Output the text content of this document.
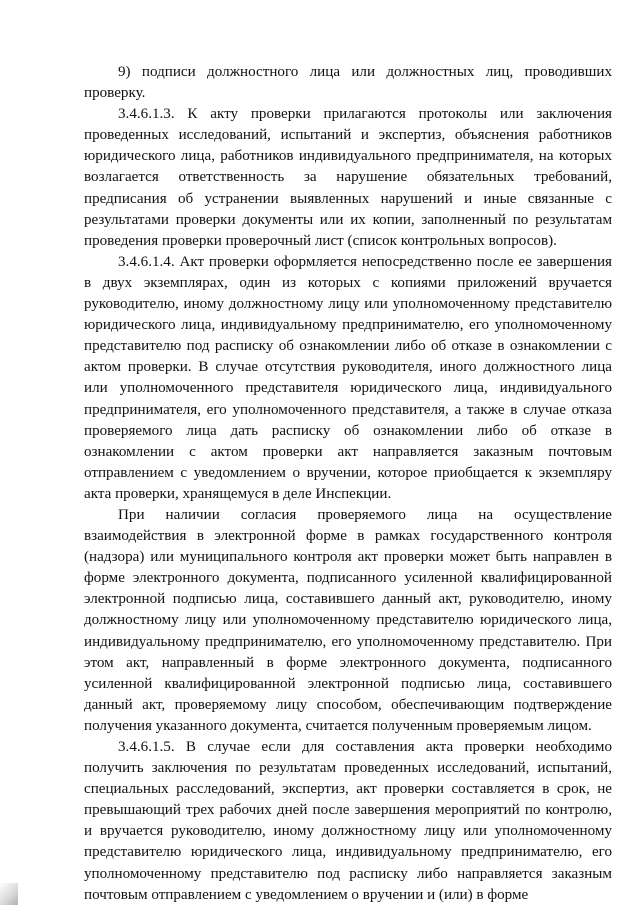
9) подписи должностного лица или должностных лиц, проводивших проверку.

3.4.6.1.3. К акту проверки прилагаются протоколы или заключения проведенных исследований, испытаний и экспертиз, объяснения работников юридического лица, работников индивидуального предпринимателя, на которых возлагается ответственность за нарушение обязательных требований, предписания об устранении выявленных нарушений и иные связанные с результатами проверки документы или их копии, заполненный по результатам проведения проверки проверочный лист (список контрольных вопросов).

3.4.6.1.4. Акт проверки оформляется непосредственно после ее завершения в двух экземплярах, один из которых с копиями приложений вручается руководителю, иному должностному лицу или уполномоченному представителю юридического лица, индивидуальному предпринимателю, его уполномоченному представителю под расписку об ознакомлении либо об отказе в ознакомлении с актом проверки. В случае отсутствия руководителя, иного должностного лица или уполномоченного представителя юридического лица, индивидуального предпринимателя, его уполномоченного представителя, а также в случае отказа проверяемого лица дать расписку об ознакомлении либо об отказе в ознакомлении с актом проверки акт направляется заказным почтовым отправлением с уведомлением о вручении, которое приобщается к экземпляру акта проверки, хранящемуся в деле Инспекции.

При наличии согласия проверяемого лица на осуществление взаимодействия в электронной форме в рамках государственного контроля (надзора) или муниципального контроля акт проверки может быть направлен в форме электронного документа, подписанного усиленной квалифицированной электронной подписью лица, составившего данный акт, руководителю, иному должностному лицу или уполномоченному представителю юридического лица, индивидуальному предпринимателю, его уполномоченному представителю. При этом акт, направленный в форме электронного документа, подписанного усиленной квалифицированной электронной подписью лица, составившего данный акт, проверяемому лицу способом, обеспечивающим подтверждение получения указанного документа, считается полученным проверяемым лицом.

3.4.6.1.5. В случае если для составления акта проверки необходимо получить заключения по результатам проведенных исследований, испытаний, специальных расследований, экспертиз, акт проверки составляется в срок, не превышающий трех рабочих дней после завершения мероприятий по контролю, и вручается руководителю, иному должностному лицу или уполномоченному представителю юридического лица, индивидуальному предпринимателю, его уполномоченному представителю под расписку либо направляется заказным почтовым отправлением с уведомлением о вручении и (или) в форме
